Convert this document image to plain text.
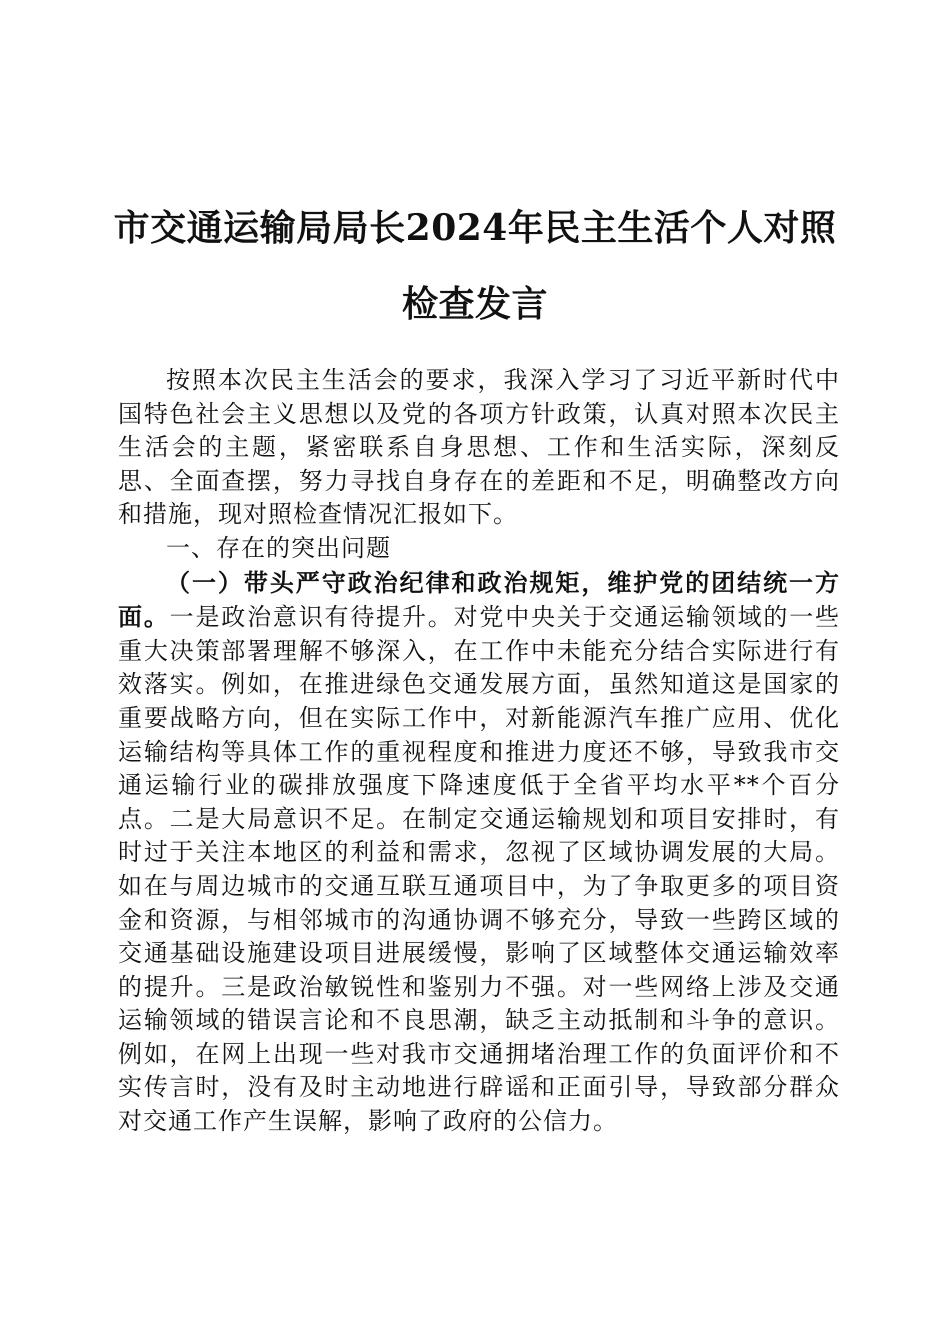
市交通运输局局长2024年民主生活个人对照
检查发言

按照本次民主生活会的要求，我深入学习了习近平新时代中国特色社会主义思想以及党的各项方针政策，认真对照本次民主生活会的主题，紧密联系自身思想、工作和生活实际，深刻反思、全面查摆，努力寻找自身存在的差距和不足，明确整改方向和措施，现对照检查情况汇报如下。

一、存在的突出问题

（一）带头严守政治纪律和政治规矩，维护党的团结统一方面。一是政治意识有待提升。对党中央关于交通运输领域的一些重大决策部署理解不够深入，在工作中未能充分结合实际进行有效落实。例如，在推进绿色交通发展方面，虽然知道这是国家的重要战略方向，但在实际工作中，对新能源汽车推广应用、优化运输结构等具体工作的重视程度和推进力度还不够，导致我市交通运输行业的碳排放强度下降速度低于全省平均水平**个百分点。二是大局意识不足。在制定交通运输规划和项目安排时，有时过于关注本地区的利益和需求，忽视了区域协调发展的大局。如在与周边城市的交通互联互通项目中，为了争取更多的项目资金和资源，与相邻城市的沟通协调不够充分，导致一些跨区域的交通基础设施建设项目进展缓慢，影响了区域整体交通运输效率的提升。三是政治敏锐性和鉴别力不强。对一些网络上涉及交通运输领域的错误言论和不良思潮，缺乏主动抵制和斗争的意识。例如，在网上出现一些对我市交通拥堵治理工作的负面评价和不实传言时，没有及时主动地进行辟谣和正面引导，导致部分群众对交通工作产生误解，影响了政府的公信力。
